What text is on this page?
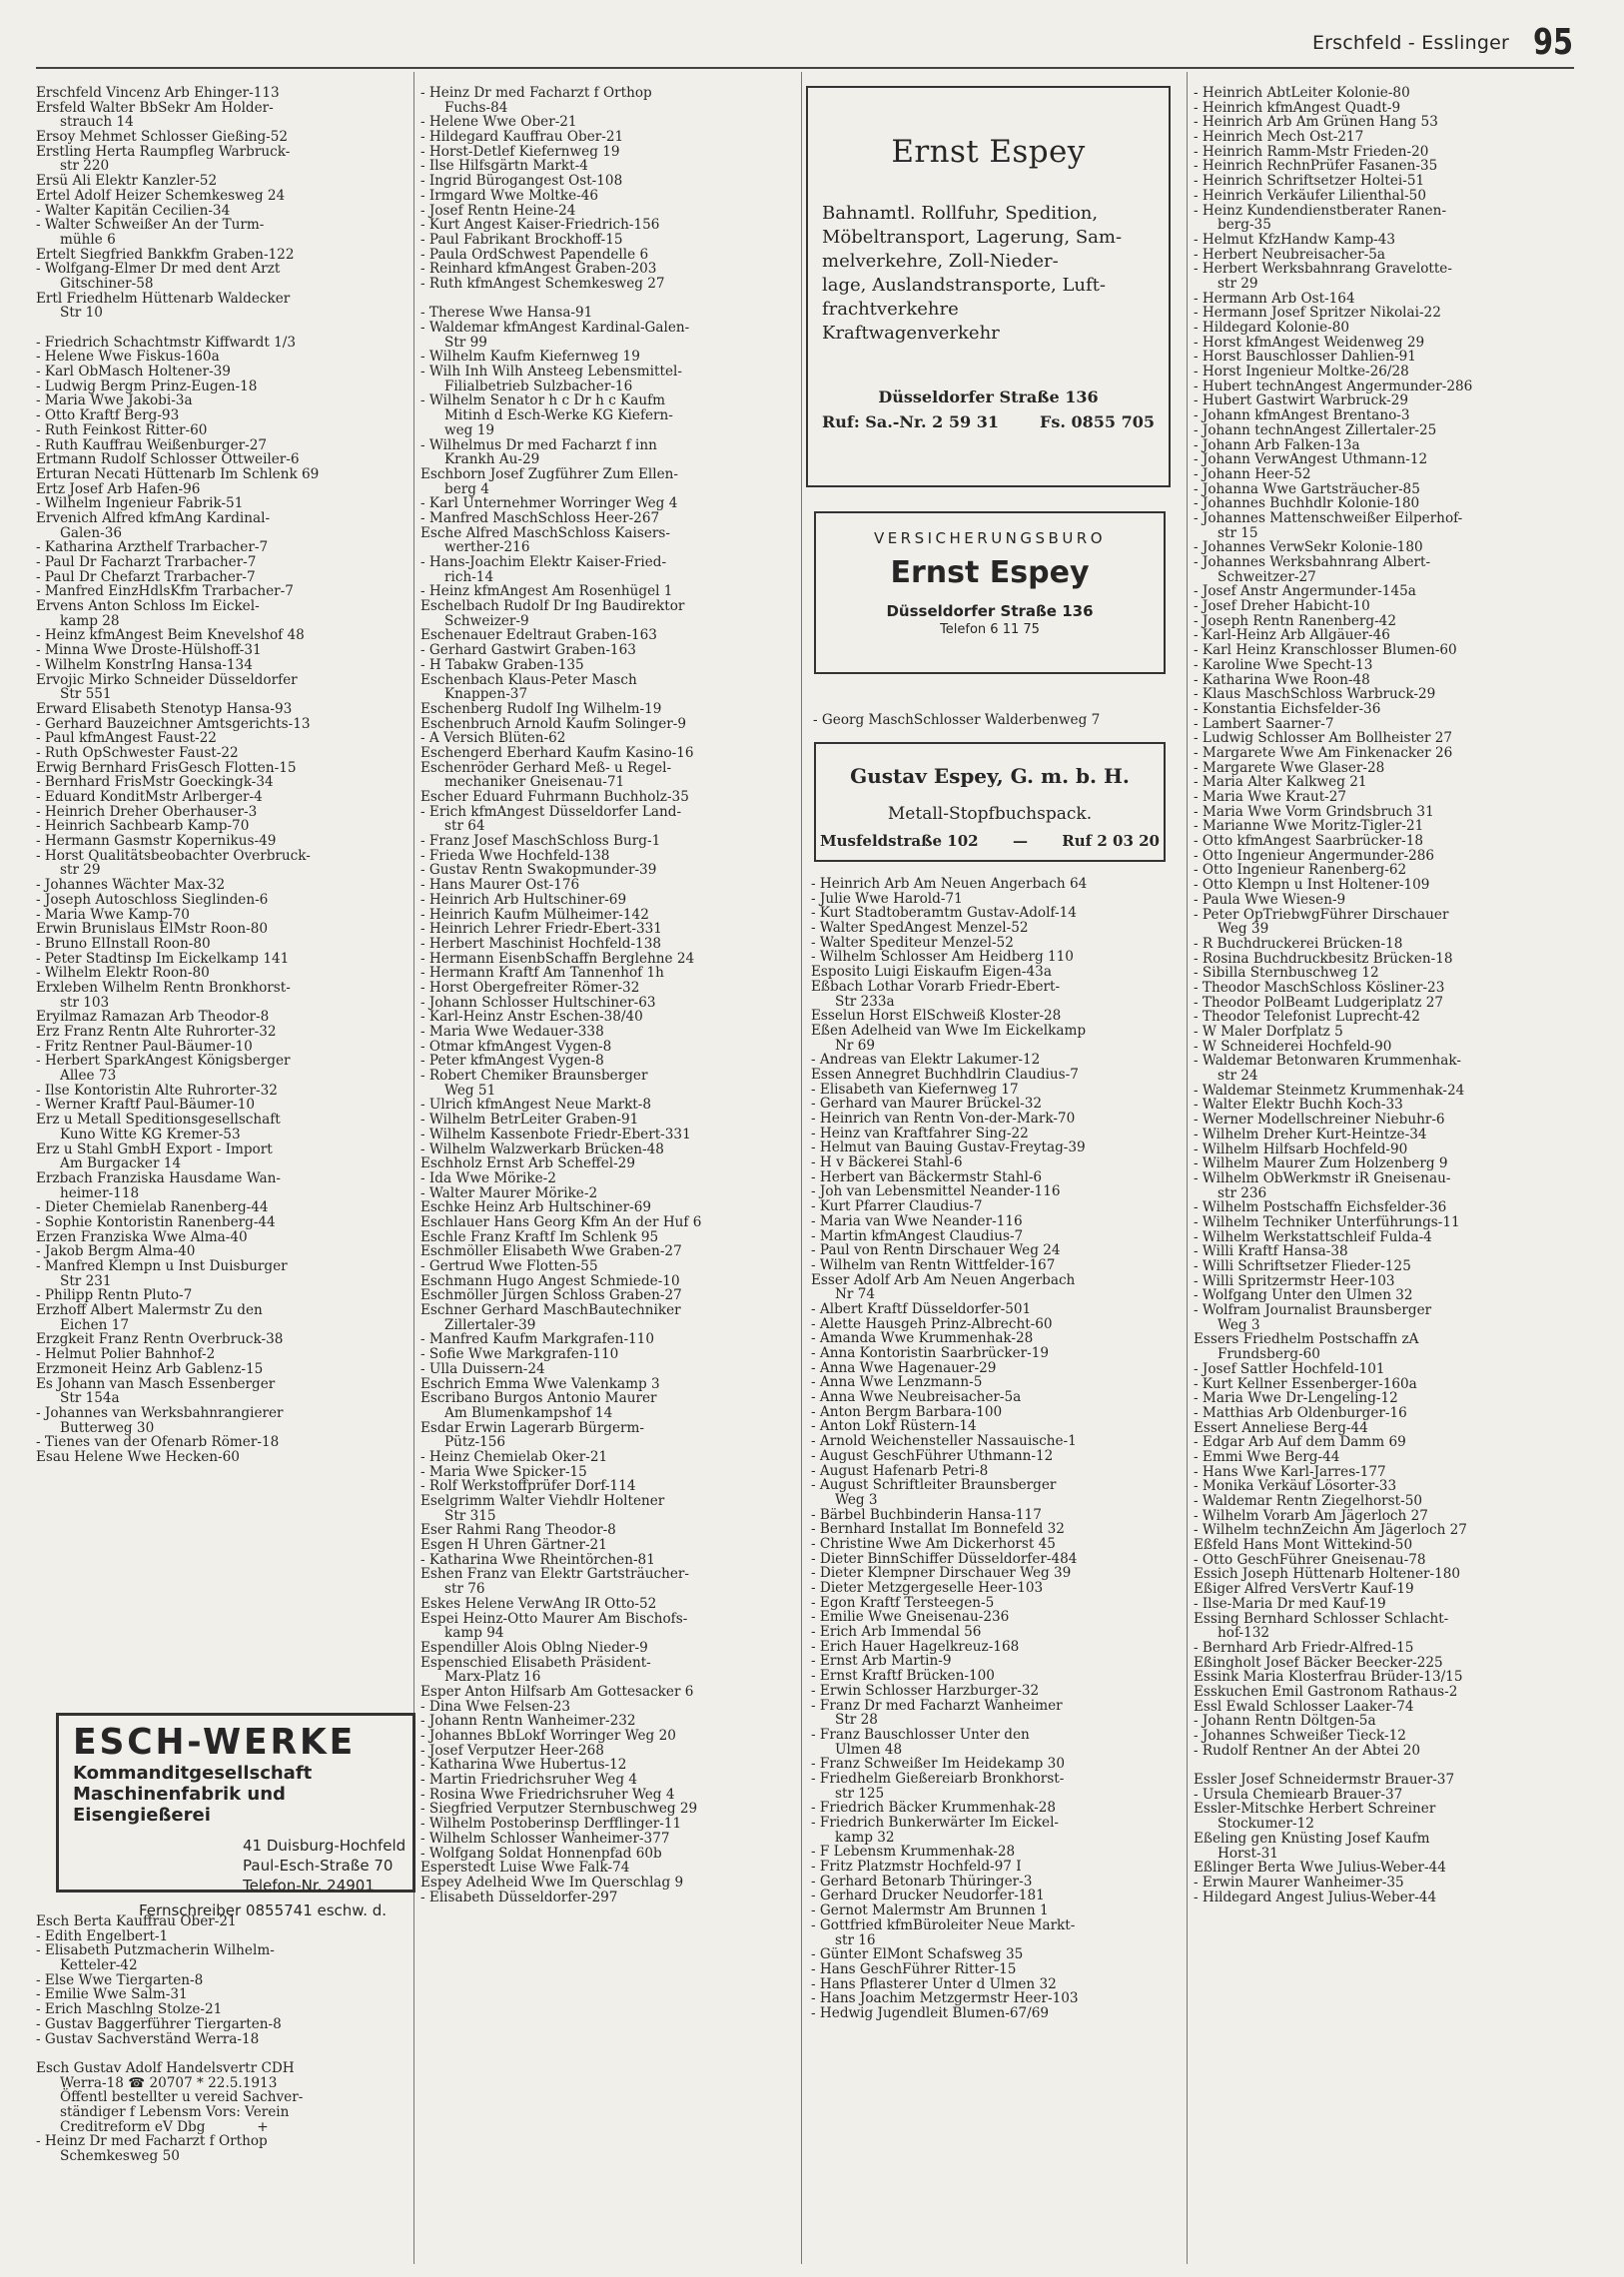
Erschfeld - Esslinger 95
Erschfeld Vincenz Arb Ehinger-113
Ersfeld Walter BbSekr Am Holder-
strauch 14
Ersoy Mehmet Schlosser Gießing-52
Erstling Herta Raumpfleg Warbruck-
str 220
Ersü Ali Elektr Kanzler-52
Ertel Adolf Heizer Schemkesweg 24
- Walter Kapitän Cecilien-34
- Walter Schweißer An der Turm-
mühle 6
Ertelt Siegfried Bankkfm Graben-122
- Wolfgang-Elmer Dr med dent Arzt
Gitschiner-58
Ertl Friedhelm Hüttenarb Waldecker
Str 10

- Friedrich Schachtmstr Kiffwardt 1/3
- Helene Wwe Fiskus-160a
- Karl ObMasch Holtener-39
- Ludwig Bergm Prinz-Eugen-18
- Maria Wwe Jakobi-3a
- Otto Kraftf Berg-93
- Ruth Feinkost Ritter-60
- Ruth Kauffrau Weißenburger-27
Ertmann Rudolf Schlosser Ottweiler-6
Erturan Necati Hüttenarb Im Schlenk 69
Ertz Josef Arb Hafen-96
- Wilhelm Ingenieur Fabrik-51
Ervenich Alfred kfmAng Kardinal-
Galen-36
- Katharina Arzthelf Trarbacher-7
- Paul Dr Facharzt Trarbacher-7
- Paul Dr Chefarzt Trarbacher-7
- Manfred EinzHdlsKfm Trarbacher-7
Ervens Anton Schloss Im Eickel-
kamp 28
- Heinz kfmAngest Beim Knevelshof 48
- Minna Wwe Droste-Hülshoff-31
- Wilhelm KonstrIng Hansa-134
Ervojic Mirko Schneider Düsseldorfer
Str 551
Erward Elisabeth Stenotyp Hansa-93
- Gerhard Bauzeichner Amtsgerichts-13
- Paul kfmAngest Faust-22
- Ruth OpSchwester Faust-22
Erwig Bernhard FrisGesch Flotten-15
- Bernhard FrisMstr Goeckingk-34
- Eduard KonditMstr Arlberger-4
- Heinrich Dreher Oberhauser-3
- Heinrich Sachbearb Kamp-70
- Hermann Gasmstr Kopernikus-49
- Horst Qualitätsbeobachter Overbruck-
str 29
- Johannes Wächter Max-32
- Joseph Autoschloss Sieglinden-6
- Maria Wwe Kamp-70
Erwin Brunislaus ElMstr Roon-80
- Bruno ElInstall Roon-80
- Peter Stadtinsp Im Eickelkamp 141
- Wilhelm Elektr Roon-80
Erxleben Wilhelm Rentn Bronkhorst-
str 103
Eryilmaz Ramazan Arb Theodor-8
Erz Franz Rentn Alte Ruhrorter-32
- Fritz Rentner Paul-Bäumer-10
- Herbert SparkAngest Königsberger
Allee 73
- Ilse Kontoristin Alte Ruhrorter-32
- Werner Kraftf Paul-Bäumer-10
Erz u Metall Speditionsgesellschaft
Kuno Witte KG Kremer-53
Erz u Stahl GmbH Export - Import
Am Burgacker 14
Erzbach Franziska Hausdame Wan-
heimer-118
- Dieter Chemielab Ranenberg-44
- Sophie Kontoristin Ranenberg-44
Erzen Franziska Wwe Alma-40
- Jakob Bergm Alma-40
- Manfred Klempn u Inst Duisburger
Str 231
- Philipp Rentn Pluto-7
Erzhoff Albert Malermstr Zu den
Eichen 17
Erzgkeit Franz Rentn Overbruck-38
- Helmut Polier Bahnhof-2
Erzmoneit Heinz Arb Gablenz-15
Es Johann van Masch Essenberger
Str 154a
- Johannes van Werksbahnrangierer
Butterweg 30
- Tienes van der Ofenarb Römer-18
Esau Helene Wwe Hecken-60
ESCH-WERKE
Kommanditgesellschaft
Maschinenfabrik und Eisengießerei
41 Duisburg-Hochfeld
Paul-Esch-Straße 70
Telefon-Nr. 24901
Fernschreiber 0855741 eschw. d.
Esch Berta Kauffrau Ober-21
- Edith Engelbert-1
- Elisabeth Putzmacherin Wilhelm-
Ketteler-42
- Else Wwe Tiergarten-8
- Emilie Wwe Salm-31
- Erich Maschlng Stolze-21
- Gustav Baggerführer Tiergarten-8
- Gustav Sachverständ Werra-18

Esch Gustav Adolf Handelsvertr CDH
Werra-18 ☎ 20707 * 22.5.1913
Öffentl bestellter u vereid Sachver-
ständiger f Lebensm Vors: Verein
Creditreform eV Dbg            +
- Heinz Dr med Facharzt f Orthop
Schemkesweg 50
- Heinz Dr med Facharzt f Orthop
Fuchs-84
- Helene Wwe Ober-21
- Hildegard Kauffrau Ober-21
- Horst-Detlef Kiefernweg 19
- Ilse Hilfsgärtn Markt-4
- Ingrid Bürogangest Ost-108
- Irmgard Wwe Moltke-46
- Josef Rentn Heine-24
- Kurt Angest Kaiser-Friedrich-156
- Paul Fabrikant Brockhoff-15
- Paula OrdSchwest Papendelle 6
- Reinhard kfmAngest Graben-203
- Ruth kfmAngest Schemkesweg 27

- Therese Wwe Hansa-91
- Waldemar kfmAngest Kardinal-Galen-
Str 99
- Wilhelm Kaufm Kiefernweg 19
- Wilh Inh Wilh Ansteeg Lebensmittel-
Filialbetrieb Sulzbacher-16
- Wilhelm Senator h c Dr h c Kaufm
Mitinh d Esch-Werke KG Kiefern-
weg 19
- Wilhelmus Dr med Facharzt f inn
Krankh Au-29
Eschborn Josef Zugführer Zum Ellen-
berg 4
- Karl Unternehmer Worringer Weg 4
- Manfred MaschSchloss Heer-267
Esche Alfred MaschSchloss Kaisers-
werther-216
- Hans-Joachim Elektr Kaiser-Fried-
rich-14
- Heinz kfmAngest Am Rosenhügel 1
Eschelbach Rudolf Dr Ing Baudirektor
Schweizer-9
Eschenauer Edeltraut Graben-163
- Gerhard Gastwirt Graben-163
- H Tabakw Graben-135
Eschenbach Klaus-Peter Masch
Knappen-37
Eschenberg Rudolf Ing Wilhelm-19
Eschenbruch Arnold Kaufm Solinger-9
- A Versich Blüten-62
Eschengerd Eberhard Kaufm Kasino-16
Eschenröder Gerhard Meß- u Regel-
mechaniker Gneisenau-71
Escher Eduard Fuhrmann Buchholz-35
- Erich kfmAngest Düsseldorfer Land-
str 64
- Franz Josef MaschSchloss Burg-1
- Frieda Wwe Hochfeld-138
- Gustav Rentn Swakopmunder-39
- Hans Maurer Ost-176
- Heinrich Arb Hultschiner-69
- Heinrich Kaufm Mülheimer-142
- Heinrich Lehrer Friedr-Ebert-331
- Herbert Maschinist Hochfeld-138
- Hermann EisenbSchaffn Berglehne 24
- Hermann Kraftf Am Tannenhof 1h
- Horst Obergefreiter Römer-32
- Johann Schlosser Hultschiner-63
- Karl-Heinz Anstr Eschen-38/40
- Maria Wwe Wedauer-338
- Otmar kfmAngest Vygen-8
- Peter kfmAngest Vygen-8
- Robert Chemiker Braunsberger
Weg 51
- Ulrich kfmAngest Neue Markt-8
- Wilhelm BetrLeiter Graben-91
- Wilhelm Kassenbote Friedr-Ebert-331
- Wilhelm Walzwerkarb Brücken-48
Eschholz Ernst Arb Scheffel-29
- Ida Wwe Mörike-2
- Walter Maurer Mörike-2
Eschke Heinz Arb Hultschiner-69
Eschlauer Hans Georg Kfm An der Huf 6
Eschle Franz Kraftf Im Schlenk 95
Eschmöller Elisabeth Wwe Graben-27
- Gertrud Wwe Flotten-55
Eschmann Hugo Angest Schmiede-10
Eschmöller Jürgen Schloss Graben-27
Eschner Gerhard MaschBautechniker
Zillertaler-39
- Manfred Kaufm Markgrafen-110
- Sofie Wwe Markgrafen-110
- Ulla Duissern-24
Eschrich Emma Wwe Valenkamp 3
Escribano Burgos Antonio Maurer
Am Blumenkampshof 14
Esdar Erwin Lagerarb Bürgerm-
Pütz-156
- Heinz Chemielab Oker-21
- Maria Wwe Spicker-15
- Rolf Werkstoffprüfer Dorf-114
Eselgrimm Walter Viehdlr Holtener
Str 315
Eser Rahmi Rang Theodor-8
Esgen H Uhren Gärtner-21
- Katharina Wwe Rheintörchen-81
Eshen Franz van Elektr Gartsträucher-
str 76
Eskes Helene VerwAng IR Otto-52
Espei Heinz-Otto Maurer Am Bischofs-
kamp 94
Espendiller Alois Oblng Nieder-9
Espenschied Elisabeth Präsident-
Marx-Platz 16
Esper Anton Hilfsarb Am Gottesacker 6
- Dina Wwe Felsen-23
- Johann Rentn Wanheimer-232
- Johannes BbLokf Worringer Weg 20
- Josef Verputzer Heer-268
- Katharina Wwe Hubertus-12
- Martin Friedrichsruher Weg 4
- Rosina Wwe Friedrichsruher Weg 4
- Siegfried Verputzer Sternbuschweg 29
- Wilhelm Postoberinsp Derfflinger-11
- Wilhelm Schlosser Wanheimer-377
- Wolfgang Soldat Honnenpfad 60b
Esperstedt Luise Wwe Falk-74
Espey Adelheid Wwe Im Querschlag 9
- Elisabeth Düsseldorfer-297
Ernst Espey
Bahnamtl. Rollfuhr, Spedition,
Möbeltransport, Lagerung, Sam-
melverkehre, Zoll-Nieder-
lage, Auslandstransporte, Luft-
frachtverkehre
Kraftwagenverkehr
Düsseldorfer Straße 136
Ruf: Sa.-Nr. 2 59 31	Fs. 0855 705
VERSICHERUNGSBURO
Ernst Espey
Düsseldorfer Straße 136
Telefon 6 11 75
- Georg MaschSchlosser Walderbenweg 7
Gustav Espey, G. m. b. H.
Metall-Stopfbuchspack.
Musfeldstraße 102 — Ruf 2 03 20
- Heinrich Arb Am Neuen Angerbach 64
- Julie Wwe Harold-71
- Kurt Stadtoberamtm Gustav-Adolf-14
- Walter SpedAngest Menzel-52
- Walter Spediteur Menzel-52
- Wilhelm Schlosser Am Heidberg 110
Esposito Luigi Eiskaufm Eigen-43a
Eßbach Lothar Vorarb Friedr-Ebert-
Str 233a
Esselun Horst ElSchweiß Kloster-28
Eßen Adelheid van Wwe Im Eickelkamp
Nr 69
- Andreas van Elektr Lakumer-12
Essen Annegret Buchhdlrin Claudius-7
- Elisabeth van Kiefernweg 17
- Gerhard van Maurer Brückel-32
- Heinrich van Rentn Von-der-Mark-70
- Heinz van Kraftfahrer Sing-22
- Helmut van Bauing Gustav-Freytag-39
- H v Bäckerei Stahl-6
- Herbert van Bäckermstr Stahl-6
- Joh van Lebensmittel Neander-116
- Kurt Pfarrer Claudius-7
- Maria van Wwe Neander-116
- Martin kfmAngest Claudius-7
- Paul von Rentn Dirschauer Weg 24
- Wilhelm van Rentn Wittfelder-167
Esser Adolf Arb Am Neuen Angerbach
Nr 74
- Albert Kraftf Düsseldorfer-501
- Alette Hausgeh Prinz-Albrecht-60
- Amanda Wwe Krummenhak-28
- Anna Kontoristin Saarbrücker-19
- Anna Wwe Hagenauer-29
- Anna Wwe Lenzmann-5
- Anna Wwe Neubreisacher-5a
- Anton Bergm Barbara-100
- Anton Lokf Rüstern-14
- Arnold Weichensteller Nassauische-1
- August GeschFührer Uthmann-12
- August Hafenarb Petri-8
- August Schriftleiter Braunsberger
Weg 3
- Bärbel Buchbinderin Hansa-117
- Bernhard Installat Im Bonnefeld 32
- Christine Wwe Am Dickerhorst 45
- Dieter BinnSchiffer Düsseldorfer-484
- Dieter Klempner Dirschauer Weg 39
- Dieter Metzgergeselle Heer-103
- Egon Kraftf Tersteegen-5
- Emilie Wwe Gneisenau-236
- Erich Arb Immendal 56
- Erich Hauer Hagelkreuz-168
- Ernst Arb Martin-9
- Ernst Kraftf Brücken-100
- Erwin Schlosser Harzburger-32
- Franz Dr med Facharzt Wanheimer
Str 28
- Franz Bauschlosser Unter den
Ulmen 48
- Franz Schweißer Im Heidekamp 30
- Friedhelm Gießereiarb Bronkhorst-
str 125
- Friedrich Bäcker Krummenhak-28
- Friedrich Bunkerwärter Im Eickel-
kamp 32
- F Lebensm Krummenhak-28
- Fritz Platzmstr Hochfeld-97 I
- Gerhard Betonarb Thüringer-3
- Gerhard Drucker Neudorfer-181
- Gernot Malermstr Am Brunnen 1
- Gottfried kfmBüroleiter Neue Markt-
str 16
- Günter ElMont Schafsweg 35
- Hans GeschFührer Ritter-15
- Hans Pflasterer Unter d Ulmen 32
- Hans Joachim Metzgermstr Heer-103
- Hedwig Jugendleit Blumen-67/69
- Heinrich AbtLeiter Kolonie-80
- Heinrich kfmAngest Quadt-9
- Heinrich Arb Am Grünen Hang 53
- Heinrich Mech Ost-217
- Heinrich Ramm-Mstr Frieden-20
- Heinrich RechnPrüfer Fasanen-35
- Heinrich Schriftsetzer Holtei-51
- Heinrich Verkäufer Lilienthal-50
- Heinz Kundendienstberater Ranen-
berg-35
- Helmut KfzHandw Kamp-43
- Herbert Neubreisacher-5a
- Herbert Werksbahnrang Gravelotte-
str 29
- Hermann Arb Ost-164
- Hermann Josef Spritzer Nikolai-22
- Hildegard Kolonie-80
- Horst kfmAngest Weidenweg 29
- Horst Bauschlosser Dahlien-91
- Horst Ingenieur Moltke-26/28
- Hubert technAngest Angermunder-286
- Hubert Gastwirt Warbruck-29
- Johann kfmAngest Brentano-3
- Johann technAngest Zillertaler-25
- Johann Arb Falken-13a
- Johann VerwAngest Uthmann-12
- Johann Heer-52
- Johanna Wwe Gartsträucher-85
- Johannes Buchhdlr Kolonie-180
- Johannes Mattenschweißer Eilperhof-
str 15
- Johannes VerwSekr Kolonie-180
- Johannes Werksbahnrang Albert-
Schweitzer-27
- Josef Anstr Angermunder-145a
- Josef Dreher Habicht-10
- Joseph Rentn Ranenberg-42
- Karl-Heinz Arb Allgäuer-46
- Karl Heinz Kranschlosser Blumen-60
- Karoline Wwe Specht-13
- Katharina Wwe Roon-48
- Klaus MaschSchloss Warbruck-29
- Konstantia Eichsfelder-36
- Lambert Saarner-7
- Ludwig Schlosser Am Bollheister 27
- Margarete Wwe Am Finkenacker 26
- Margarete Wwe Glaser-28
- Maria Alter Kalkweg 21
- Maria Wwe Kraut-27
- Maria Wwe Vorm Grindsbruch 31
- Marianne Wwe Moritz-Tigler-21
- Otto kfmAngest Saarbrücker-18
- Otto Ingenieur Angermunder-286
- Otto Ingenieur Ranenberg-62
- Otto Klempn u Inst Holtener-109
- Paula Wwe Wiesen-9
- Peter OpTriebwgFührer Dirschauer
Weg 39
- R Buchdruckerei Brücken-18
- Rosina Buchdruckbesitz Brücken-18
- Sibilla Sternbuschweg 12
- Theodor MaschSchloss Kösliner-23
- Theodor PolBeamt Ludgeriplatz 27
- Theodor Telefonist Luprecht-42
- W Maler Dorfplatz 5
- W Schneiderei Hochfeld-90
- Waldemar Betonwaren Krummenhak-
str 24
- Waldemar Steinmetz Krummenhak-24
- Walter Elektr Buchh Koch-33
- Werner Modellschreiner Niebuhr-6
- Wilhelm Dreher Kurt-Heintze-34
- Wilhelm Hilfsarb Hochfeld-90
- Wilhelm Maurer Zum Holzenberg 9
- Wilhelm ObWerkmstr iR Gneisenau-
str 236
- Wilhelm Postschaffn Eichsfelder-36
- Wilhelm Techniker Unterführungs-11
- Wilhelm Werkstattschleif Fulda-4
- Willi Kraftf Hansa-38
- Willi Schriftsetzer Flieder-125
- Willi Spritzermstr Heer-103
- Wolfgang Unter den Ulmen 32
- Wolfram Journalist Braunsberger
Weg 3
Essers Friedhelm Postschaffn zA
Frundsberg-60
- Josef Sattler Hochfeld-101
- Kurt Kellner Essenberger-160a
- Maria Wwe Dr-Lengeling-12
- Matthias Arb Oldenburger-16
Essert Anneliese Berg-44
- Edgar Arb Auf dem Damm 69
- Emmi Wwe Berg-44
- Hans Wwe Karl-Jarres-177
- Monika Verkäuf Lösorter-33
- Waldemar Rentn Ziegelhorst-50
- Wilhelm Vorarb Am Jägerloch 27
- Wilhelm technZeichn Am Jägerloch 27
Eßfeld Hans Mont Wittekind-50
- Otto GeschFührer Gneisenau-78
Essich Joseph Hüttenarb Holtener-180
Eßiger Alfred VersVertr Kauf-19
- Ilse-Maria Dr med Kauf-19
Essing Bernhard Schlosser Schlacht-
hof-132
- Bernhard Arb Friedr-Alfred-15
Eßingholt Josef Bäcker Beecker-225
Essink Maria Klosterfrau Brüder-13/15
Esskuchen Emil Gastronom Rathaus-2
Essl Ewald Schlosser Laaker-74
- Johann Rentn Döltgen-5a
- Johannes Schweißer Tieck-12
- Rudolf Rentner An der Abtei 20

Essler Josef Schneidermstr Brauer-37
- Ursula Chemiearb Brauer-37
Essler-Mitschke Herbert Schreiner
Stockumer-12
Eßeling gen Knüsting Josef Kaufm
Horst-31
Eßlinger Berta Wwe Julius-Weber-44
- Erwin Maurer Wanheimer-35
- Hildegard Angest Julius-Weber-44
